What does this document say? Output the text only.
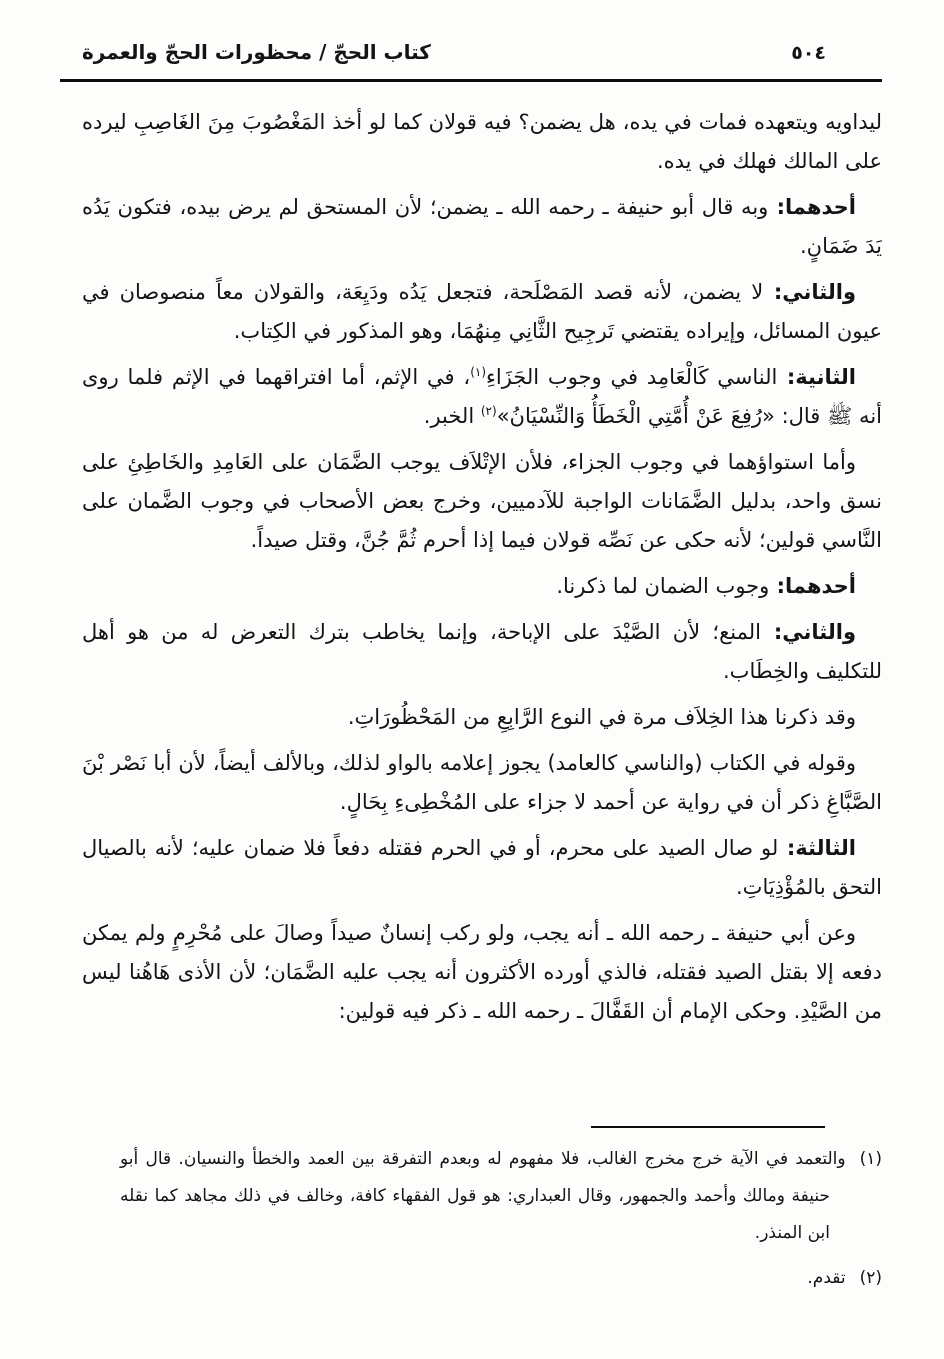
كتاب الحجّ / محظورات الحجّ والعمرة	٥٠٤

ليداويه ويتعهده فمات في يده، هل يضمن؟ فيه قولان كما لو أخذ المَغْصُوبَ مِنَ الغَاصِبِ ليرده على المالك فهلك في يده.

أحدهما: وبه قال أبو حنيفة ـ رحمه الله ـ يضمن؛ لأن المستحق لم يرض بيده، فتكون يَدُه يَدَ ضَمَانٍ.

والثاني: لا يضمن، لأنه قصد المَصْلَحة، فتجعل يَدُه ودَيِعَة، والقولان معاً منصوصان في عيون المسائل، وإيراده يقتضي تَرجِيح الثَّانِي مِنهُمَا، وهو المذكور في الكِتاب.

الثانية: الناسي كَالْعَامِد في وجوب الجَزَاءِ$^{(١)}$، في الإثم، أما افتراقهما في الإثم فلما روى أنه ﷺ قال: «رُفِعَ عَنْ أُمَّتِي الْخَطَأُ وَالنِّسْيَانُ»$^{(٢)}$ الخبر.

وأما استواؤهما في وجوب الجزاء، فلأن الإتْلاَف يوجب الضَّمَان على العَامِدِ والخَاطِئِ على نسق واحد، بدليل الضَّمَانات الواجبة للآدميين، وخرج بعض الأصحاب في وجوب الضَّمان على النَّاسي قولين؛ لأنه حكى عن نَصِّه قولان فيما إذا أحرم ثُمَّ جُنَّ، وقتل صيداً.

أحدهما: وجوب الضمان لما ذكرنا.

والثاني: المنع؛ لأن الصَّيْدَ على الإباحة، وإنما يخاطب بترك التعرض له من هو أهل للتكليف والخِطَاب.

وقد ذكرنا هذا الخِلاَف مرة في النوع الرَّابِعِ من المَحْظُورَاتِ.

وقوله في الكتاب (والناسي كالعامد) يجوز إعلامه بالواو لذلك، وبالألف أيضاً، لأن أبا نَصْر بْنَ الصَّبَّاغِ ذكر أن في رواية عن أحمد لا جزاء على المُخْطِىءِ بِحَالٍ.

الثالثة: لو صال الصيد على محرم، أو في الحرم فقتله دفعاً فلا ضمان عليه؛ لأنه بالصيال التحق بالمُؤْذِيَاتِ.

وعن أبي حنيفة ـ رحمه الله ـ أنه يجب، ولو ركب إنسانٌ صيداً وصالَ على مُحْرِمٍ ولم يمكن دفعه إلا بقتل الصيد فقتله، فالذي أورده الأكثرون أنه يجب عليه الضَّمَان؛ لأن الأذى هَاهُنا ليس من الصَّيْدِ. وحكى الإمام أن القَفَّالَ ـ رحمه الله ـ ذكر فيه قولين:

(١)والتعمد في الآية خرج مخرج الغالب، فلا مفهوم له وبعدم التفرقة بين العمد والخطأ والنسيان. قال أبو حنيفة ومالك وأحمد والجمهور، وقال العبداري: هو قول الفقهاء كافة، وخالف في ذلك مجاهد كما نقله ابن المنذر.
(٢)تقدم.
